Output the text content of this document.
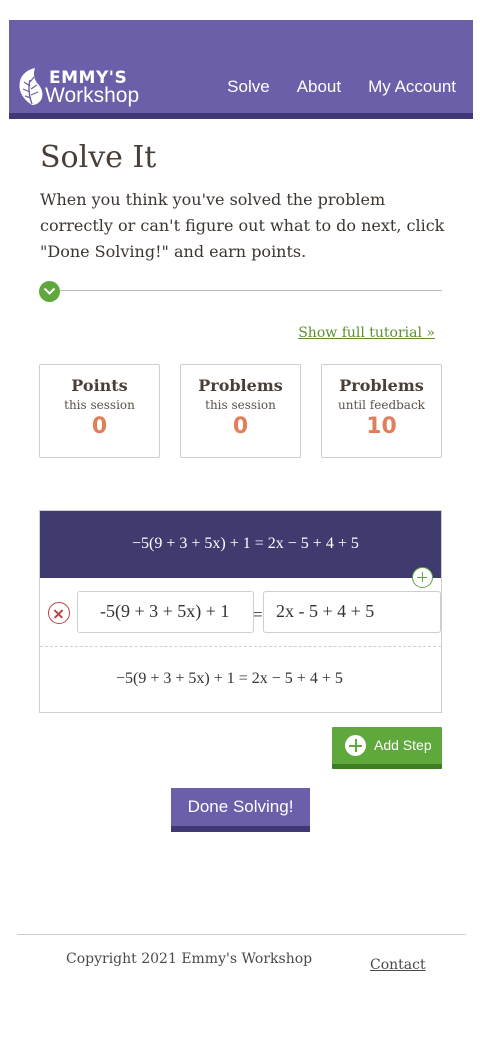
EMMY'S
Workshop	Solve About My Account
Solve It

When you think you've solved the problem correctly or can't figure out what to do next, click "Done Solving!" and earn points.

Show full tutorial »
Points
this session
0
Problems
this session
0
Problems
until feedback
10
−5(9 + 3 + 5x) + 1 = 2x − 5 + 4 + 5
-5(9 + 3 + 5x) + 1	= 2x - 5 + 4 + 5
−5(9 + 3 + 5x) + 1 = 2x − 5 + 4 + 5
Add Step
Done Solving!
Copyright 2021 Emmy's Workshop	Contact
